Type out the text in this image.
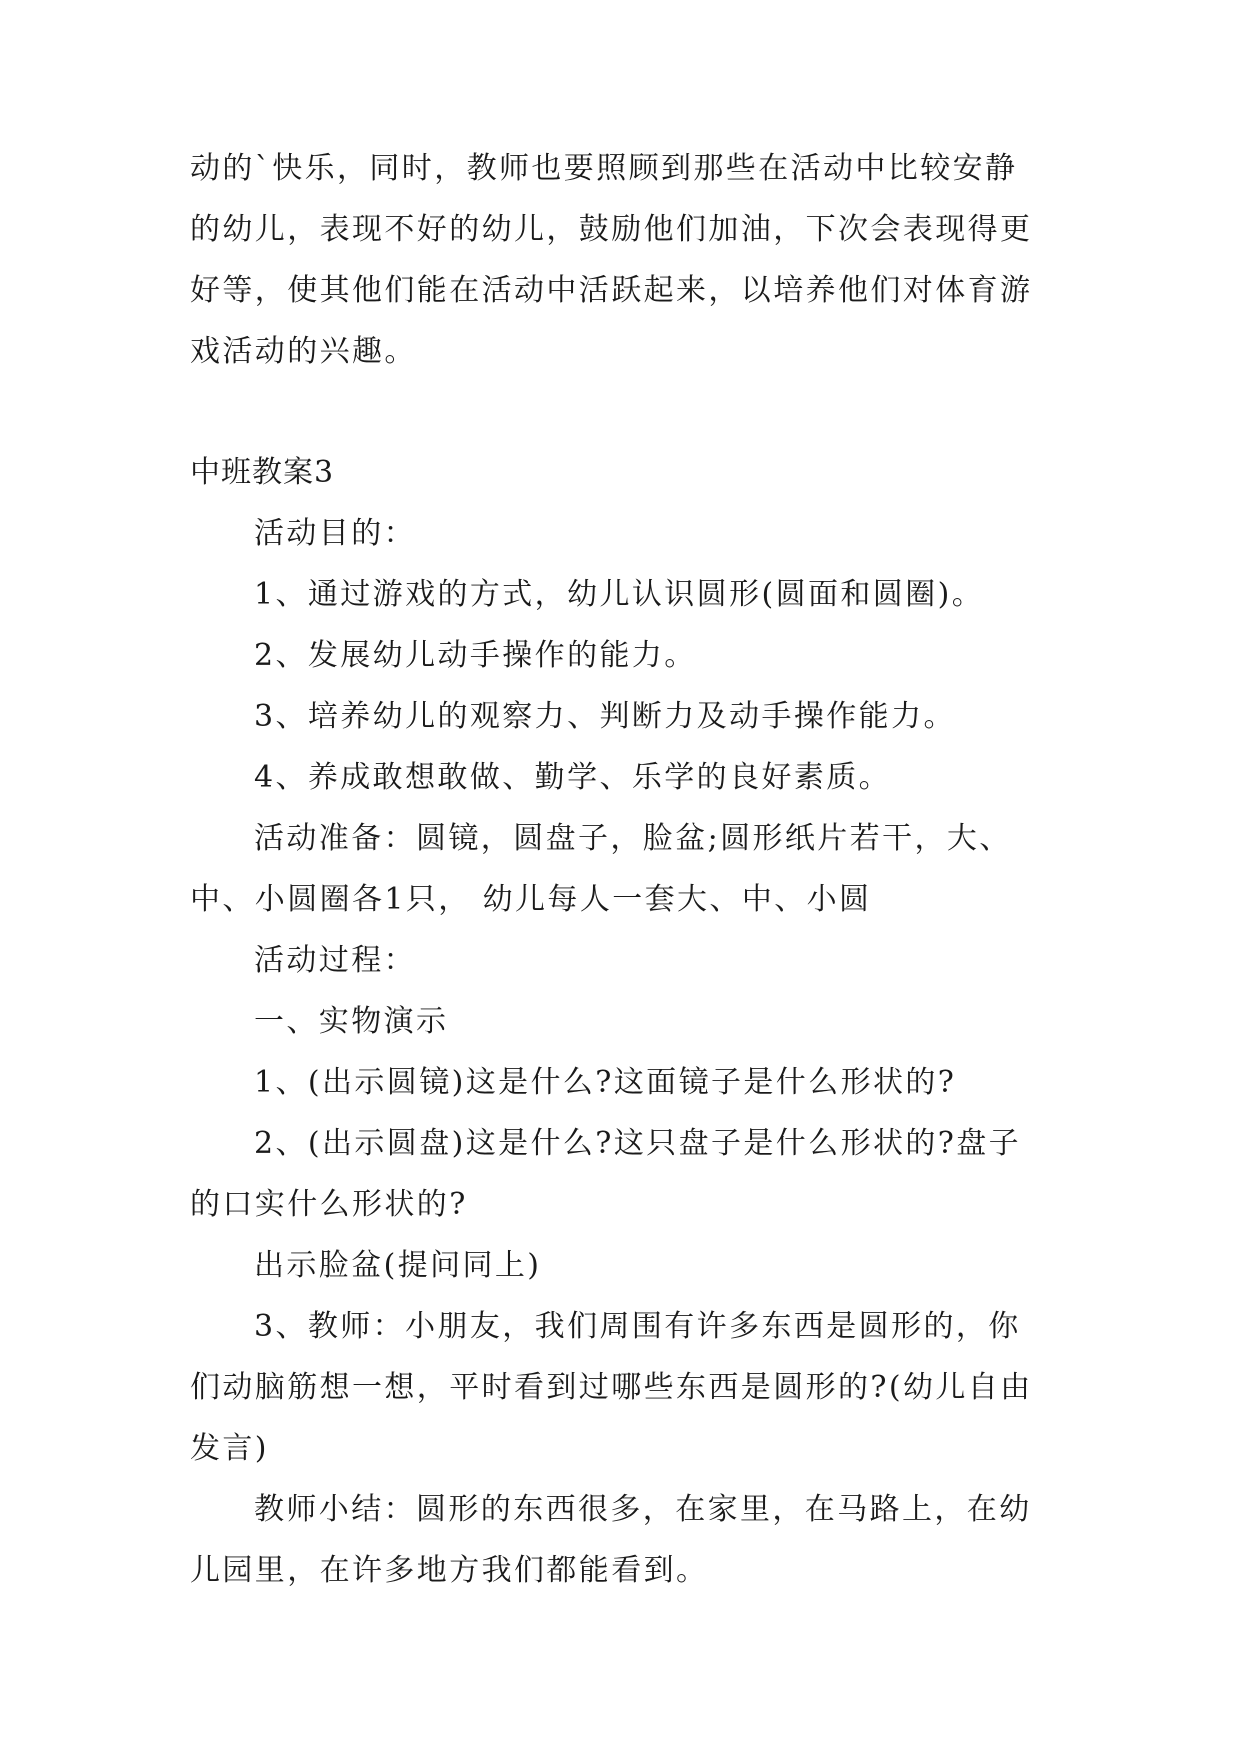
动的`快乐，同时，教师也要照顾到那些在活动中比较安静
的幼儿，表现不好的幼儿，鼓励他们加油，下次会表现得更
好等，使其他们能在活动中活跃起来，以培养他们对体育游
戏活动的兴趣。
中班教案3
活动目的：
1、通过游戏的方式，幼儿认识圆形(圆面和圆圈)。
2、发展幼儿动手操作的能力。
3、培养幼儿的观察力、判断力及动手操作能力。
4、养成敢想敢做、勤学、乐学的良好素质。
活动准备：圆镜，圆盘子，脸盆;圆形纸片若干，大、
中、小圆圈各1只， 幼儿每人一套大、中、小圆
活动过程：
一、实物演示
1、(出示圆镜)这是什么?这面镜子是什么形状的?
2、(出示圆盘)这是什么?这只盘子是什么形状的?盘子
的口实什么形状的?
出示脸盆(提问同上)
3、教师：小朋友，我们周围有许多东西是圆形的，你
们动脑筋想一想，平时看到过哪些东西是圆形的?(幼儿自由
发言)
教师小结：圆形的东西很多，在家里，在马路上，在幼
儿园里，在许多地方我们都能看到。
